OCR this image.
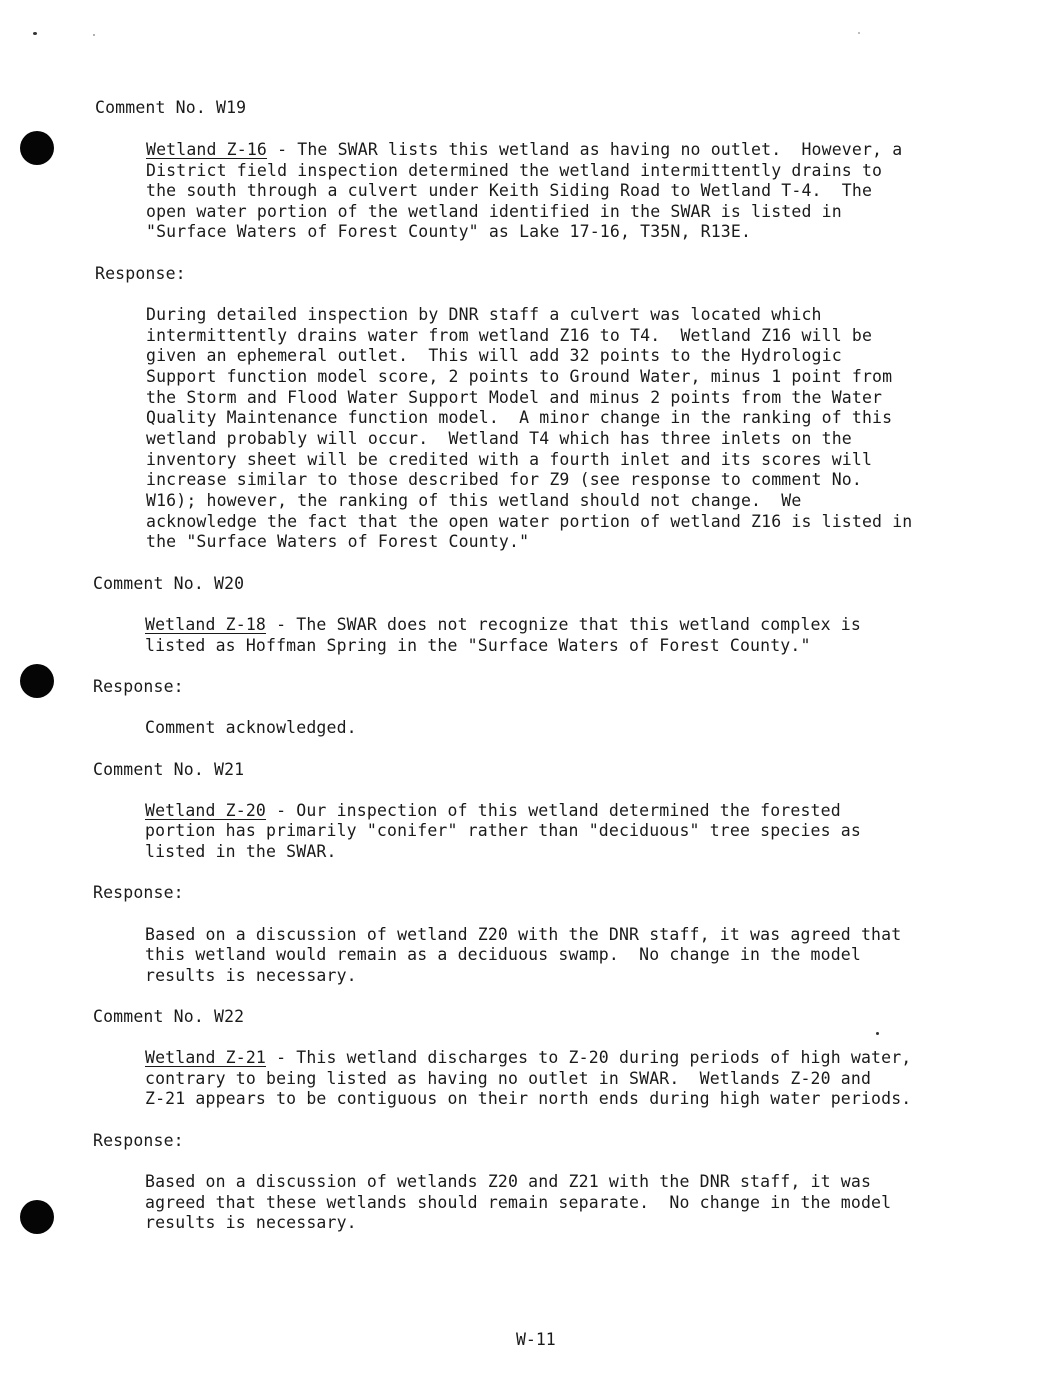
Comment No. W19
Wetland Z-16 - The SWAR lists this wetland as having no outlet.  However, a
District field inspection determined the wetland intermittently drains to
the south through a culvert under Keith Siding Road to Wetland T-4.  The
open water portion of the wetland identified in the SWAR is listed in
"Surface Waters of Forest County" as Lake 17-16, T35N, R13E.
Response:
During detailed inspection by DNR staff a culvert was located which
intermittently drains water from wetland Z16 to T4.  Wetland Z16 will be
given an ephemeral outlet.  This will add 32 points to the Hydrologic
Support function model score, 2 points to Ground Water, minus 1 point from
the Storm and Flood Water Support Model and minus 2 points from the Water
Quality Maintenance function model.  A minor change in the ranking of this
wetland probably will occur.  Wetland T4 which has three inlets on the
inventory sheet will be credited with a fourth inlet and its scores will
increase similar to those described for Z9 (see response to comment No.
W16); however, the ranking of this wetland should not change.  We
acknowledge the fact that the open water portion of wetland Z16 is listed in
the "Surface Waters of Forest County."
Comment No. W20
Wetland Z-18 - The SWAR does not recognize that this wetland complex is
listed as Hoffman Spring in the "Surface Waters of Forest County."
Response:
Comment acknowledged.
Comment No. W21
Wetland Z-20 - Our inspection of this wetland determined the forested
portion has primarily "conifer" rather than "deciduous" tree species as
listed in the SWAR.
Response:
Based on a discussion of wetland Z20 with the DNR staff, it was agreed that
this wetland would remain as a deciduous swamp.  No change in the model
results is necessary.
Comment No. W22
Wetland Z-21 - This wetland discharges to Z-20 during periods of high water,
contrary to being listed as having no outlet in SWAR.  Wetlands Z-20 and
Z-21 appears to be contiguous on their north ends during high water periods.
Response:
Based on a discussion of wetlands Z20 and Z21 with the DNR staff, it was
agreed that these wetlands should remain separate.  No change in the model
results is necessary.
W-11
